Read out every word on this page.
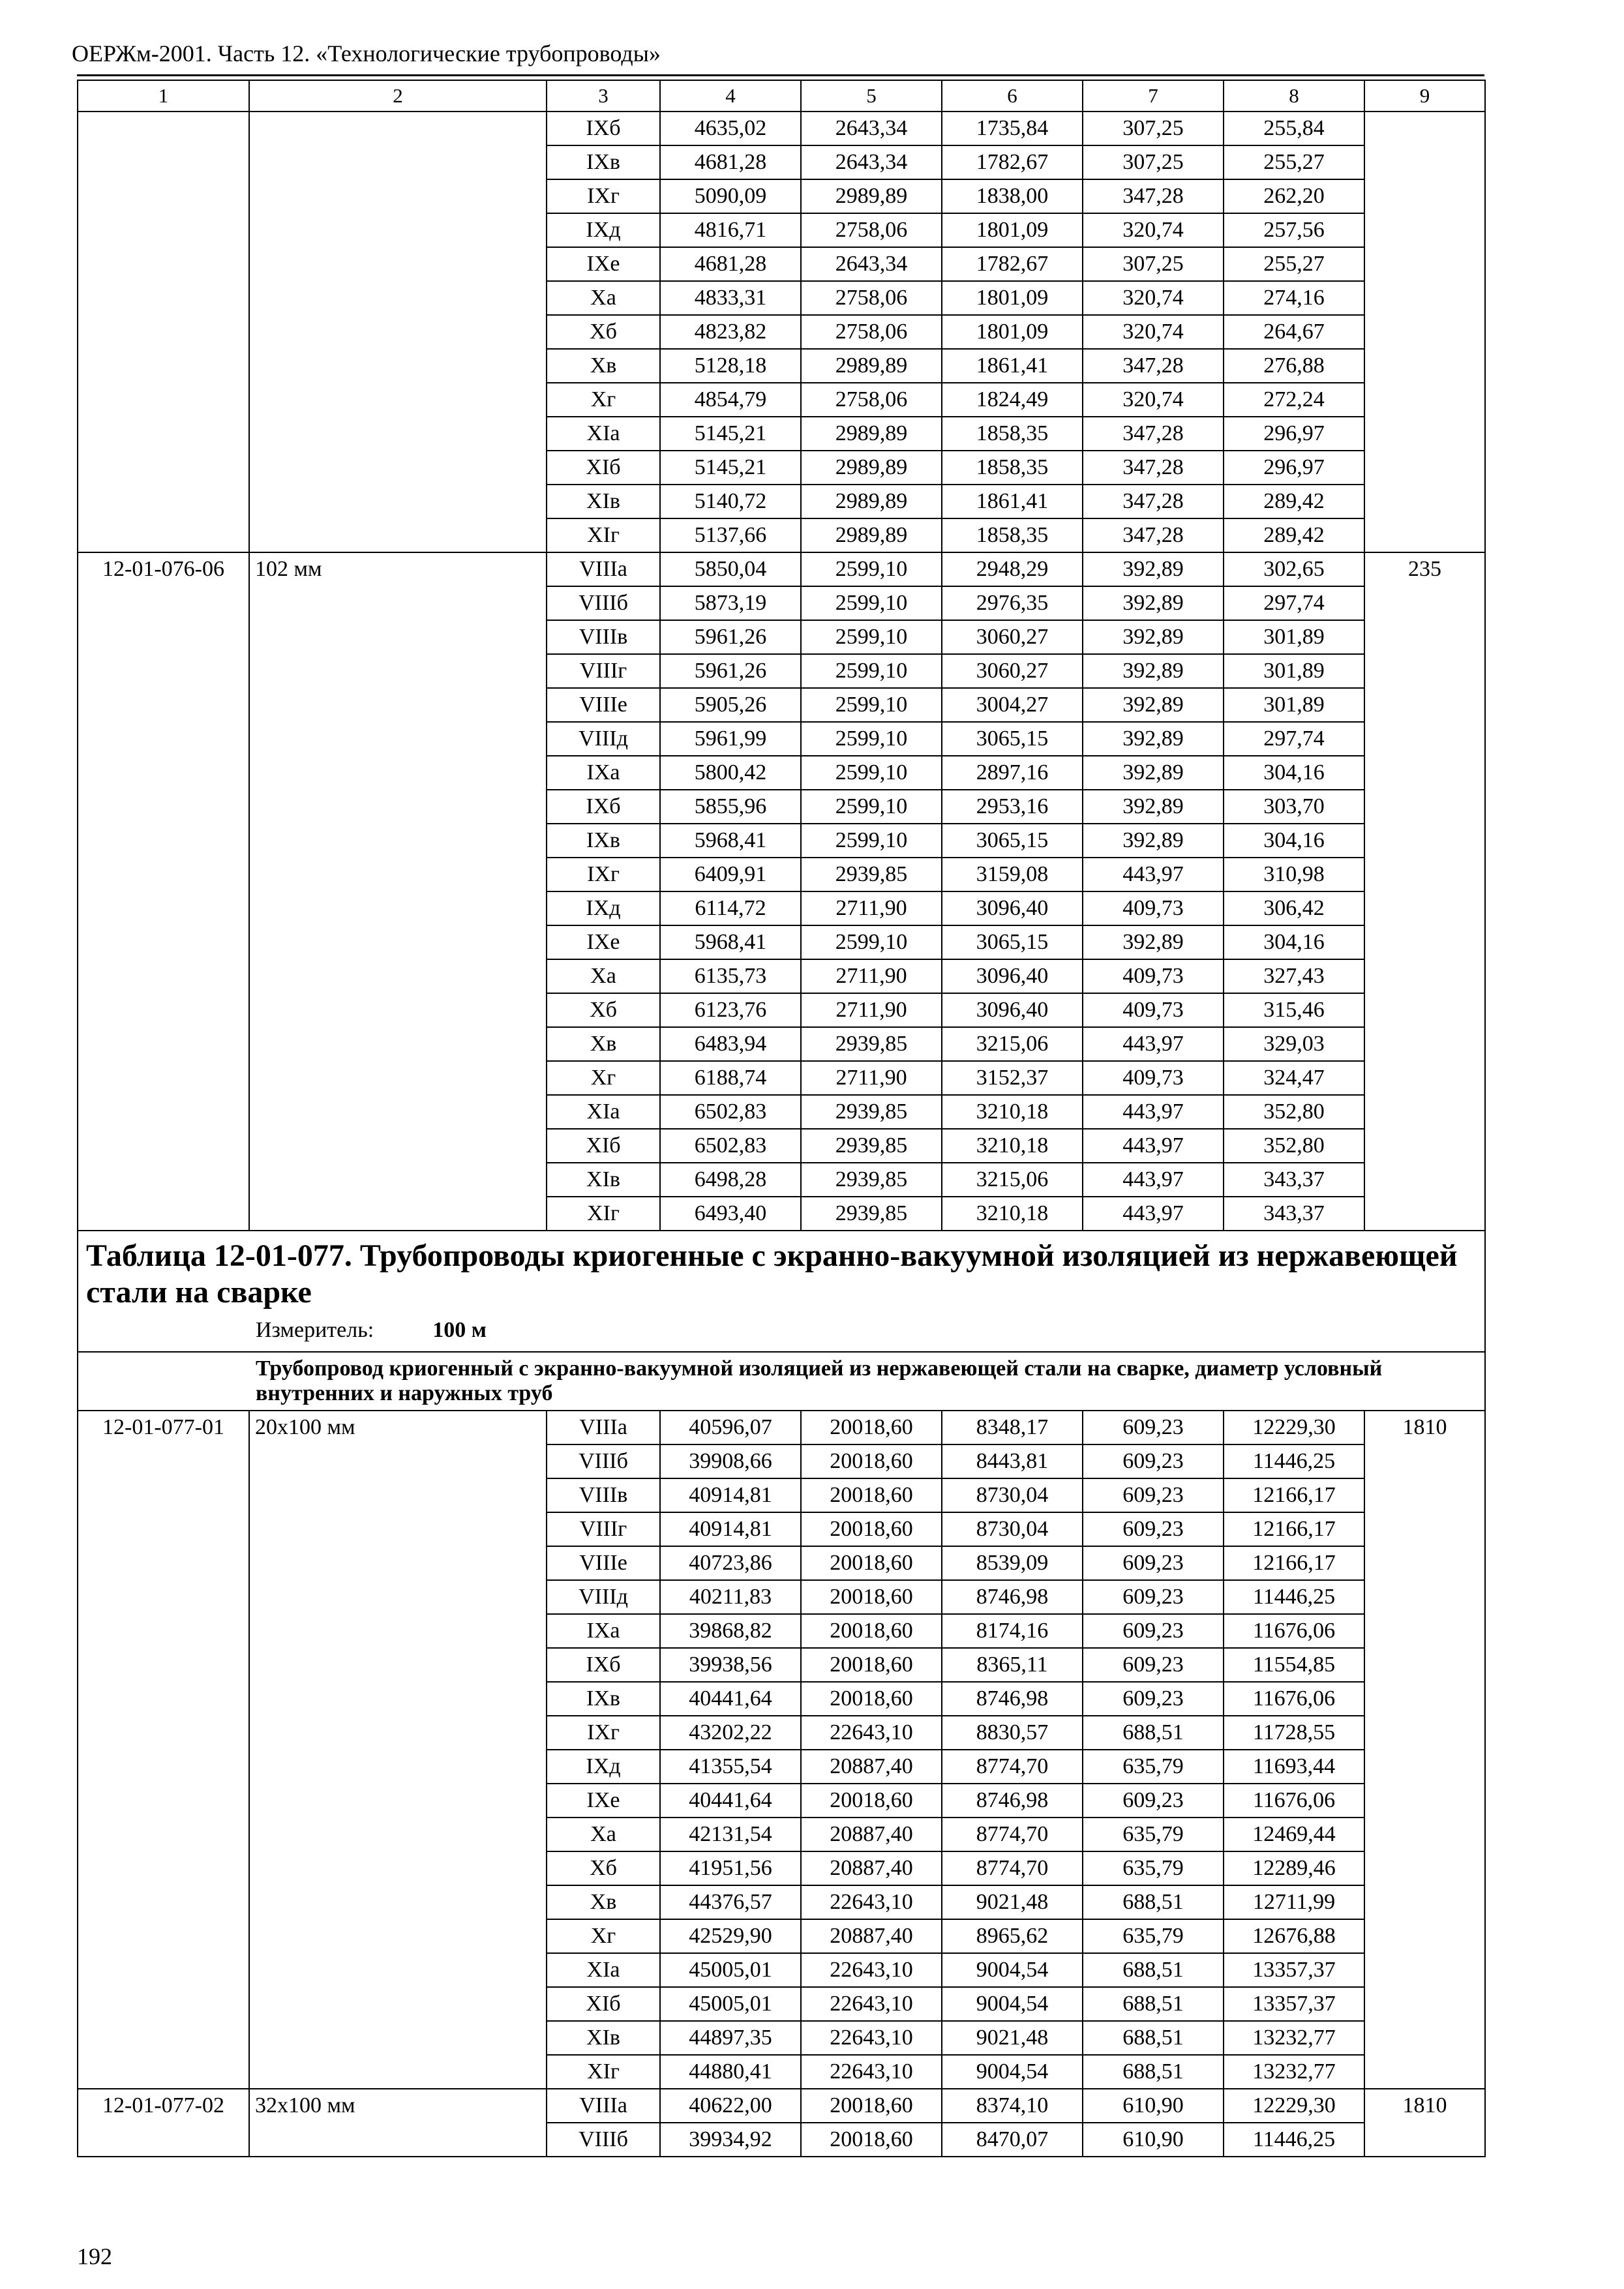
ОЕРЖм-2001. Часть 12. «Технологические трубопроводы»
1	2	3	4	5	6	7	8	9
		IXб	4635,02	2643,34	1735,84	307,25	255,84	
		IXв	4681,28	2643,34	1782,67	307,25	255,27	
		IXг	5090,09	2989,89	1838,00	347,28	262,20	
		IXд	4816,71	2758,06	1801,09	320,74	257,56	
		IXе	4681,28	2643,34	1782,67	307,25	255,27	
		Xа	4833,31	2758,06	1801,09	320,74	274,16	
		Xб	4823,82	2758,06	1801,09	320,74	264,67	
		Xв	5128,18	2989,89	1861,41	347,28	276,88	
		Xг	4854,79	2758,06	1824,49	320,74	272,24	
		XIа	5145,21	2989,89	1858,35	347,28	296,97	
		XIб	5145,21	2989,89	1858,35	347,28	296,97	
		XIв	5140,72	2989,89	1861,41	347,28	289,42	
		XIг	5137,66	2989,89	1858,35	347,28	289,42	
12-01-076-06	102 мм	VIIIа	5850,04	2599,10	2948,29	392,89	302,65	235
		VIIIб	5873,19	2599,10	2976,35	392,89	297,74	
		VIIIв	5961,26	2599,10	3060,27	392,89	301,89	
		VIIIг	5961,26	2599,10	3060,27	392,89	301,89	
		VIIIе	5905,26	2599,10	3004,27	392,89	301,89	
		VIIIд	5961,99	2599,10	3065,15	392,89	297,74	
		IXа	5800,42	2599,10	2897,16	392,89	304,16	
		IXб	5855,96	2599,10	2953,16	392,89	303,70	
		IXв	5968,41	2599,10	3065,15	392,89	304,16	
		IXг	6409,91	2939,85	3159,08	443,97	310,98	
		IXд	6114,72	2711,90	3096,40	409,73	306,42	
		IXе	5968,41	2599,10	3065,15	392,89	304,16	
		Xа	6135,73	2711,90	3096,40	409,73	327,43	
		Xб	6123,76	2711,90	3096,40	409,73	315,46	
		Xв	6483,94	2939,85	3215,06	443,97	329,03	
		Xг	6188,74	2711,90	3152,37	409,73	324,47	
		XIа	6502,83	2939,85	3210,18	443,97	352,80	
		XIб	6502,83	2939,85	3210,18	443,97	352,80	
		XIв	6498,28	2939,85	3215,06	443,97	343,37	
		XIг	6493,40	2939,85	3210,18	443,97	343,37	

Таблица 12-01-077. Трубопроводы криогенные с экранно-вакуумной изоляцией из нержавеющей стали на сварке
Измеритель: 100 м								

Трубопровод криогенный с экранно-вакуумной изоляцией из нержавеющей стали на сварке, диаметр условный внутренних и наружных труб								
12-01-077-01	20x100 мм	VIIIа	40596,07	20018,60	8348,17	609,23	12229,30	1810
		VIIIб	39908,66	20018,60	8443,81	609,23	11446,25	
		VIIIв	40914,81	20018,60	8730,04	609,23	12166,17	
		VIIIг	40914,81	20018,60	8730,04	609,23	12166,17	
		VIIIе	40723,86	20018,60	8539,09	609,23	12166,17	
		VIIIд	40211,83	20018,60	8746,98	609,23	11446,25	
		IXа	39868,82	20018,60	8174,16	609,23	11676,06	
		IXб	39938,56	20018,60	8365,11	609,23	11554,85	
		IXв	40441,64	20018,60	8746,98	609,23	11676,06	
		IXг	43202,22	22643,10	8830,57	688,51	11728,55	
		IXд	41355,54	20887,40	8774,70	635,79	11693,44	
		IXе	40441,64	20018,60	8746,98	609,23	11676,06	
		Xа	42131,54	20887,40	8774,70	635,79	12469,44	
		Xб	41951,56	20887,40	8774,70	635,79	12289,46	
		Xв	44376,57	22643,10	9021,48	688,51	12711,99	
		Xг	42529,90	20887,40	8965,62	635,79	12676,88	
		XIа	45005,01	22643,10	9004,54	688,51	13357,37	
		XIб	45005,01	22643,10	9004,54	688,51	13357,37	
		XIв	44897,35	22643,10	9021,48	688,51	13232,77	
		XIг	44880,41	22643,10	9004,54	688,51	13232,77	
12-01-077-02	32x100 мм	VIIIа	40622,00	20018,60	8374,10	610,90	12229,30	1810
		VIIIб	39934,92	20018,60	8470,07	610,90	11446,25	
192
